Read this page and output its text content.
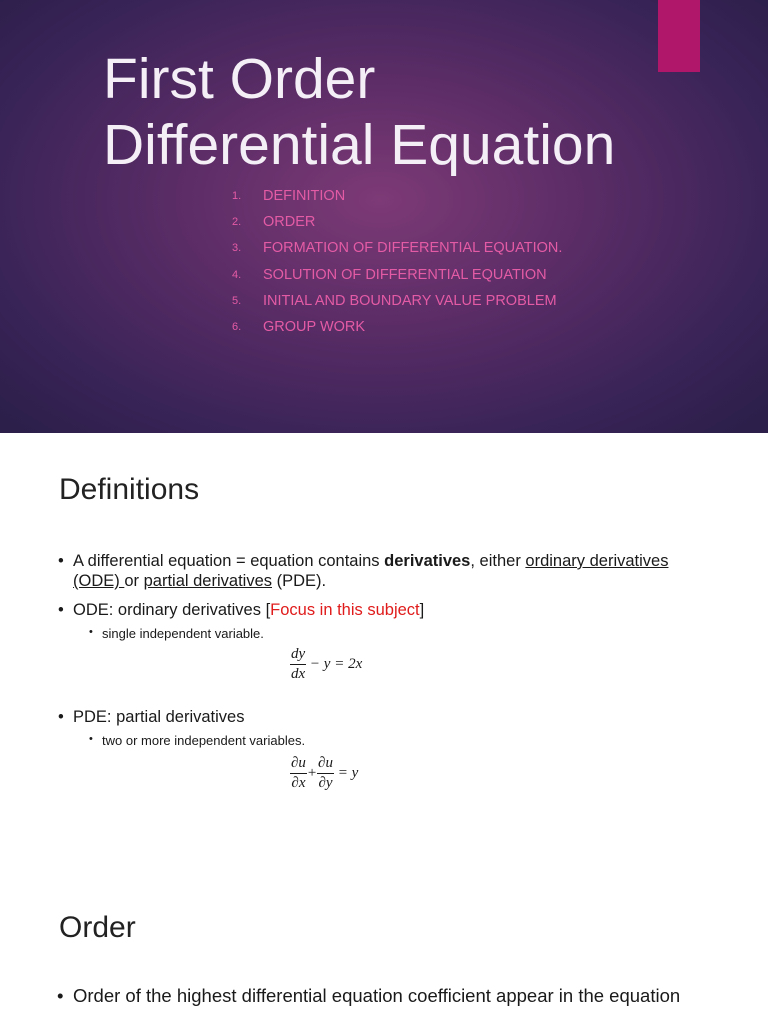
First Order
Differential Equation
1.	DEFINITION
2.	ORDER
3.	FORMATION OF DIFFERENTIAL EQUATION.
4.	SOLUTION OF DIFFERENTIAL EQUATION
5.	INITIAL AND BOUNDARY VALUE PROBLEM
6.	GROUP WORK
Definitions
• A differential equation = equation contains derivatives, either ordinary derivatives (ODE) or partial derivatives (PDE).
• ODE: ordinary derivatives [Focus in this subject]
• single independent variable.
$\frac{dy}{dx} - y = 2x$
• PDE: partial derivatives
• two or more independent variables.
$\frac{\partial u}{\partial x} + \frac{\partial u}{\partial y} = y$
Order
• Order of the highest differential equation coefficient appear in the equation
